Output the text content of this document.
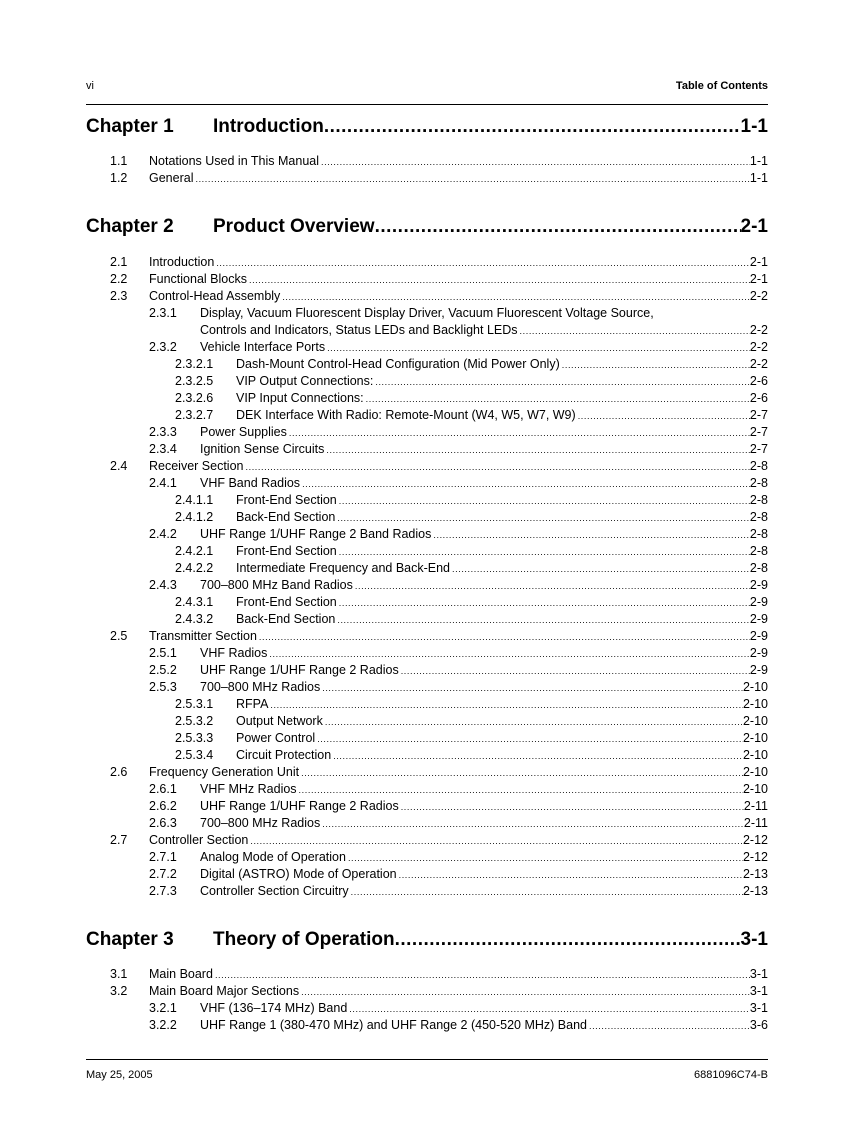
vi	Table of Contents
Chapter 1	Introduction .....	1-1
1.1	Notations Used in This Manual .....	1-1
1.2	General .....	1-1
Chapter 2	Product Overview .....	2-1
2.1	Introduction .....	2-1
2.2	Functional Blocks .....	2-1
2.3	Control-Head Assembly .....	2-2
2.3.1	Display, Vacuum Fluorescent Display Driver, Vacuum Fluorescent Voltage Source,
Controls and Indicators, Status LEDs and Backlight LEDs .....	2-2
2.3.2	Vehicle Interface Ports .....	2-2
2.3.2.1	Dash-Mount Control-Head Configuration (Mid Power Only) .....	2-2
2.3.2.5	VIP Output Connections: .....	2-6
2.3.2.6	VIP Input Connections: .....	2-6
2.3.2.7	DEK Interface With Radio: Remote-Mount (W4, W5, W7, W9) .....	2-7
2.3.3	Power Supplies .....	2-7
2.3.4	Ignition Sense Circuits .....	2-7
2.4	Receiver Section .....	2-8
2.4.1	VHF Band Radios .....	2-8
2.4.1.1	Front-End Section .....	2-8
2.4.1.2	Back-End Section .....	2-8
2.4.2	UHF Range 1/UHF Range 2 Band Radios .....	2-8
2.4.2.1	Front-End Section .....	2-8
2.4.2.2	Intermediate Frequency and Back-End .....	2-8
2.4.3	700–800 MHz Band Radios .....	2-9
2.4.3.1	Front-End Section .....	2-9
2.4.3.2	Back-End Section .....	2-9
2.5	Transmitter Section .....	2-9
2.5.1	VHF Radios .....	2-9
2.5.2	UHF Range 1/UHF Range 2 Radios .....	2-9
2.5.3	700–800 MHz Radios .....	2-10
2.5.3.1	RFPA .....	2-10
2.5.3.2	Output Network .....	2-10
2.5.3.3	Power Control .....	2-10
2.5.3.4	Circuit Protection .....	2-10
2.6	Frequency Generation Unit .....	2-10
2.6.1	VHF MHz Radios .....	2-10
2.6.2	UHF Range 1/UHF Range 2 Radios .....	2-11
2.6.3	700–800 MHz Radios .....	2-11
2.7	Controller Section .....	2-12
2.7.1	Analog Mode of Operation .....	2-12
2.7.2	Digital (ASTRO) Mode of Operation .....	2-13
2.7.3	Controller Section Circuitry .....	2-13
Chapter 3	Theory of Operation .....	3-1
3.1	Main Board .....	3-1
3.2	Main Board Major Sections .....	3-1
3.2.1	VHF (136–174 MHz) Band .....	3-1
3.2.2	UHF Range 1 (380-470 MHz) and UHF Range 2 (450-520 MHz) Band .....	3-6
May 25, 2005	6881096C74-B
